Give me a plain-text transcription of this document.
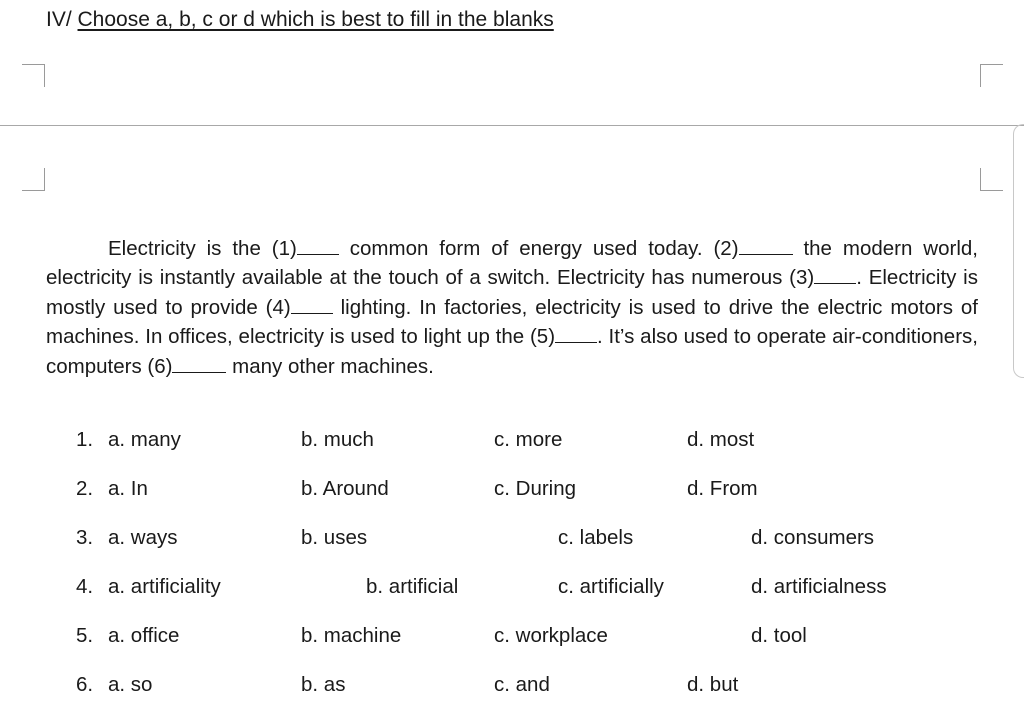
IV/ Choose a, b, c or d which is best to fill in the blanks
Electricity is the (1) common form of energy used today. (2)	the modern world, electricity is instantly available at the touch of a switch. Electricity has numerous (3) . Electricity is mostly used to provide (4) lighting. In factories, electricity is used to drive the electric motors of machines. In offices, electricity is used to light up the (5) . It’s also used to operate air-conditioners, computers (6)	many other machines.
1. a. many	b. much	c. more	d. most
2. a. In	b. Around	c. During	d. From
3. a. ways	b. uses	c. labels	d. consumers
4. a. artificiality	b. artificial	c. artificially	d. artificialness
5. a. office	b. machine	c. workplace	d. tool
6. a. so	b. as	c. and	d. but
